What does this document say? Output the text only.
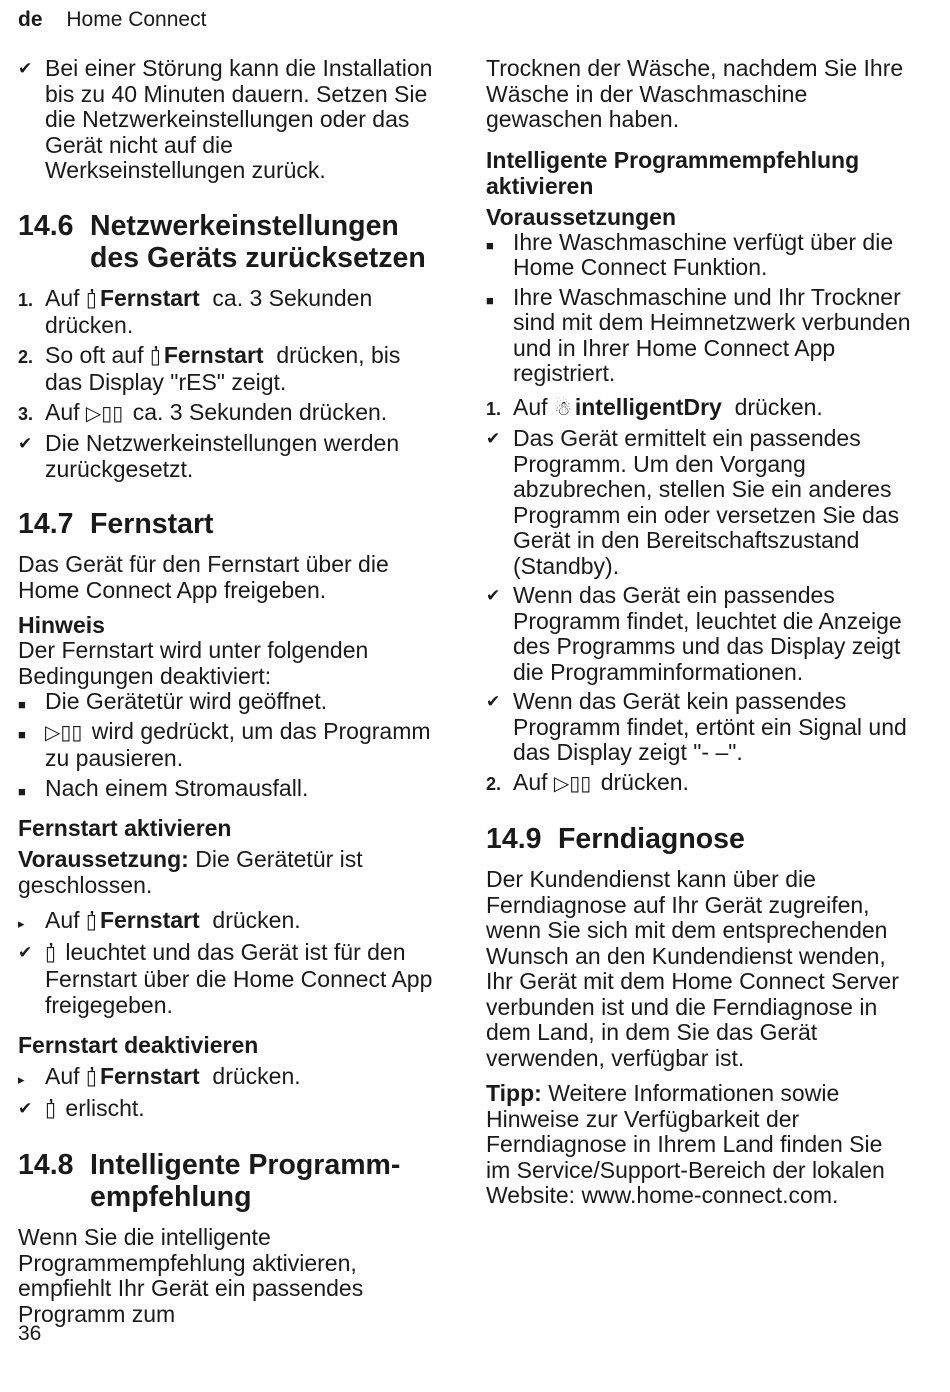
de Home Connect
✔ Bei einer Störung kann die Installation bis zu 40 Minuten dauern. Setzen Sie die Netzwerkeinstellungen oder das Gerät nicht auf die Werkseinstellungen zurück.
14.6 Netzwerkeinstellungen
des Geräts zurücksetzen
1. Auf ▯̓ Fernstart ca. 3 Sekunden drücken.
2. So oft auf ▯̓ Fernstart drücken, bis das Display "rES" zeigt.
3. Auf ▷▯▯ ca. 3 Sekunden drücken.
✔ Die Netzwerkeinstellungen werden zurückgesetzt.
14.7 Fernstart

Das Gerät für den Fernstart über die Home Connect App freigeben.

Hinweis

Der Fernstart wird unter folgenden Bedingungen deaktiviert:

■ Die Gerätetür wird geöffnet.
■ ▷▯▯ wird gedrückt, um das Programm zu pausieren.
■ Nach einem Stromausfall.
Fernstart aktivieren

Voraussetzung: Die Gerätetür ist geschlossen.

▸ Auf ▯̓ Fernstart drücken.
✔ ▯̓ leuchtet und das Gerät ist für den Fernstart über die Home Connect App freigegeben.
Fernstart deaktivieren
▸ Auf ▯̓ Fernstart drücken.
✔ ▯̓ erlischt.
14.8 Intelligente Programm-
empfehlung

Wenn Sie die intelligente Programmempfehlung aktivieren, empfiehlt Ihr Gerät ein passendes Programm zum

Trocknen der Wäsche, nachdem Sie Ihre Wäsche in der Waschmaschine gewaschen haben.

Intelligente Programmempfehlung aktivieren
Voraussetzungen
■ Ihre Waschmaschine verfügt über die Home Connect Funktion.
■ Ihre Waschmaschine und Ihr Trockner sind mit dem Heimnetzwerk verbunden und in Ihrer Home Connect App registriert.
1. Auf ☃ intelligentDry drücken.
✔ Das Gerät ermittelt ein passendes Programm. Um den Vorgang abzubrechen, stellen Sie ein anderes Programm ein oder versetzen Sie das Gerät in den Bereitschaftszustand (Standby).
✔ Wenn das Gerät ein passendes Programm findet, leuchtet die Anzeige des Programms und das Display zeigt die Programminformationen.
✔ Wenn das Gerät kein passendes Programm findet, ertönt ein Signal und das Display zeigt "- –".
2. Auf ▷▯▯ drücken.
14.9 Ferndiagnose

Der Kundendienst kann über die Ferndiagnose auf Ihr Gerät zugreifen, wenn Sie sich mit dem entsprechenden Wunsch an den Kundendienst wenden, Ihr Gerät mit dem Home Connect Server verbunden ist und die Ferndiagnose in dem Land, in dem Sie das Gerät verwenden, verfügbar ist.

Tipp: Weitere Informationen sowie Hinweise zur Verfügbarkeit der Ferndiagnose in Ihrem Land finden Sie im Service/Support-Bereich der lokalen Website: www.home-connect.com.

36
